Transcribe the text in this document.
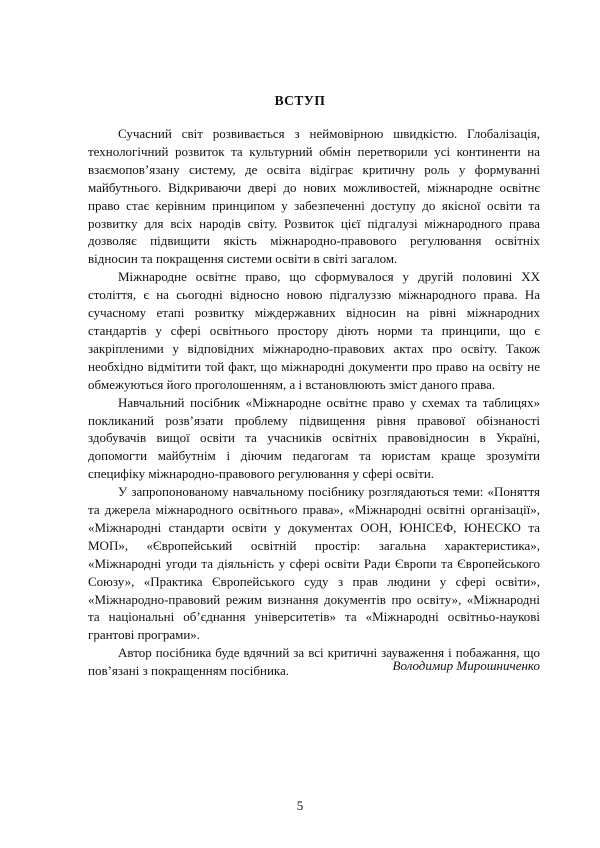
ВСТУП

Сучасний світ розвивається з неймовірною швидкістю. Глобалізація, технологічний розвиток та культурний обмін перетворили усі континенти на взаємопов’язану систему, де освіта відіграє критичну роль у формуванні майбутнього. Відкриваючи двері до нових можливостей, міжнародне освітнє право стає керівним принципом у забезпеченні доступу до якісної освіти та розвитку для всіх народів світу. Розвиток цієї підгалузі міжнародного права дозволяє підвищити якість міжнародно-правового регулювання освітніх відносин та покращення системи освіти в світі загалом.

Міжнародне освітнє право, що сформувалося у другій половині ХХ століття, є на сьогодні відносно новою підгалуззю міжнародного права. На сучасному етапі розвитку міждержавних відносин на рівні міжнародних стандартів у сфері освітнього простору діють норми та принципи, що є закріпленими у відповідних міжнародно-правових актах про освіту. Також необхідно відмітити той факт, що міжнародні документи про право на освіту не обмежуються його проголошенням, а і встановлюють зміст даного права.

Навчальний посібник «Міжнародне освітнє право у схемах та таблицях» покликаний розв’язати проблему підвищення рівня правової обізнаності здобувачів вищої освіти та учасників освітніх правовідносин в Україні, допомогти майбутнім і діючим педагогам та юристам краще зрозуміти специфіку міжнародно-правового регулювання у сфері освіти.

У запропонованому навчальному посібнику розглядаються теми: «Поняття та джерела міжнародного освітнього права», «Міжнародні освітні організації», «Міжнародні стандарти освіти у документах ООН, ЮНІСЕФ, ЮНЕСКО та МОП», «Європейський освітній простір: загальна характеристика», «Міжнародні угоди та діяльність у сфері освіти Ради Європи та Європейського Союзу», «Практика Європейського суду з прав людини у сфері освіти», «Міжнародно-правовий режим визнання документів про освіту», «Міжнародні та національні об’єднання університетів» та «Міжнародні освітньо-наукові грантові програми».

Автор посібника буде вдячний за всі критичні зауваження і побажання, що пов’язані з покращенням посібника.	Володимир Мирошниченко

5
